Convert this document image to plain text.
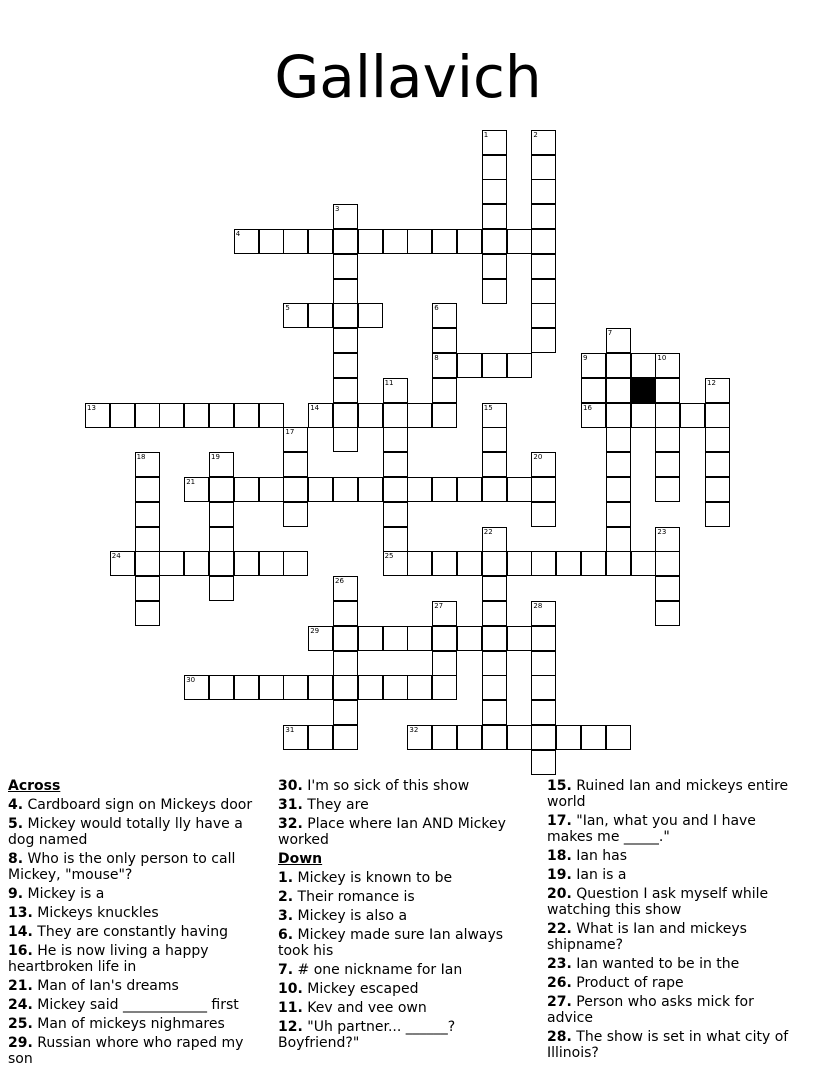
Gallavich
1	2
3
4
5	6
7
8	9	10
11	12
13	14	15	16
17
18	19	20
21
22	23
24	25
26
27	28
29
30
31	32
Across
4. Cardboard sign on Mickeys door
5. Mickey would totally lly have a dog named
8. Who is the only person to call Mickey, "mouse"?
9. Mickey is a
13. Mickeys knuckles
14. They are constantly having
16. He is now living a happy heartbroken life in
21. Man of Ian's dreams
24. Mickey said ____________ first
25. Man of mickeys nighmares
29. Russian whore who raped my son
30. I'm so sick of this show
31. They are
32. Place where Ian AND Mickey worked
Down
1. Mickey is known to be
2. Their romance is
3. Mickey is also a
6. Mickey made sure Ian always took his
7. # one nickname for Ian
10. Mickey escaped
11. Kev and vee own
12. "Uh partner... ______? Boyfriend?"
15. Ruined Ian and mickeys entire world
17. "Ian, what you and I have makes me _____."
18. Ian has
19. Ian is a
20. Question I ask myself while watching this show
22. What is Ian and mickeys shipname?
23. Ian wanted to be in the
26. Product of rape
27. Person who asks mick for advice
28. The show is set in what city of Illinois?
